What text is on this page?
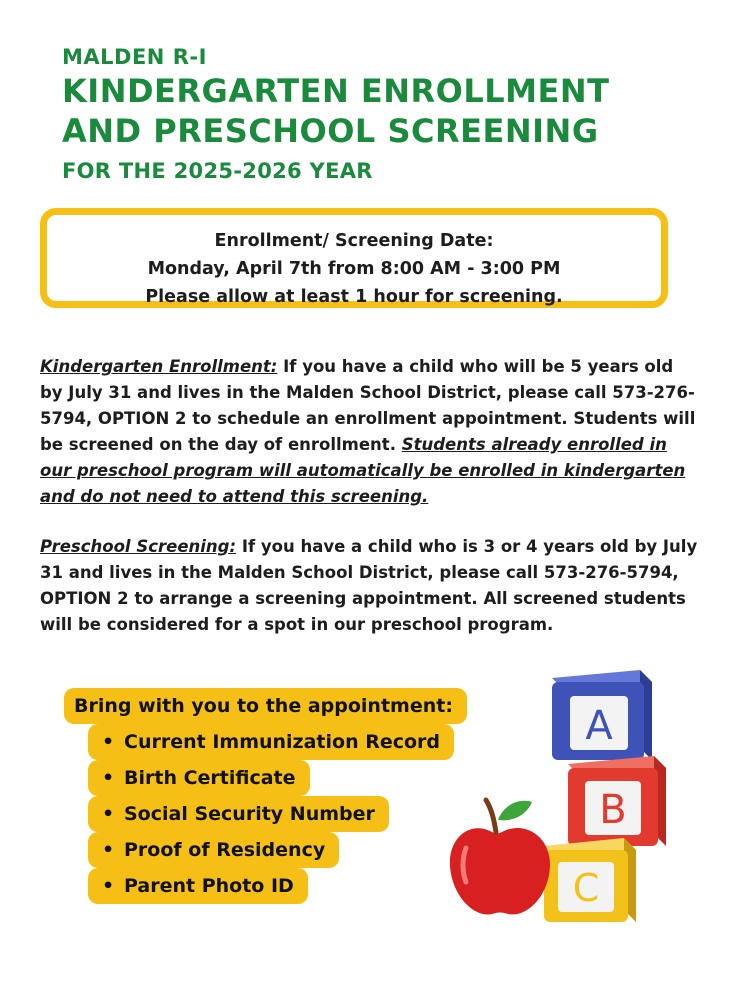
MALDEN R-I
KINDERGARTEN ENROLLMENT
AND PRESCHOOL SCREENING
FOR THE 2025-2026 YEAR
Enrollment/ Screening Date:
Monday, April 7th from 8:00 AM - 3:00 PM
Please allow at least 1 hour for screening.
Kindergarten Enrollment: If you have a child who will be 5 years old by July 31 and lives in the Malden School District, please call 573-276-5794, OPTION 2 to schedule an enrollment appointment. Students will be screened on the day of enrollment. Students already enrolled in our preschool program will automatically be enrolled in kindergarten and do not need to attend this screening.
Preschool Screening: If you have a child who is 3 or 4 years old by July 31 and lives in the Malden School District, please call 573-276-5794, OPTION 2 to arrange a screening appointment. All screened students will be considered for a spot in our preschool program.
Bring with you to the appointment:
• Current Immunization Record
• Birth Certificate
• Social Security Number
• Proof of Residency
• Parent Photo ID
A
B
C
